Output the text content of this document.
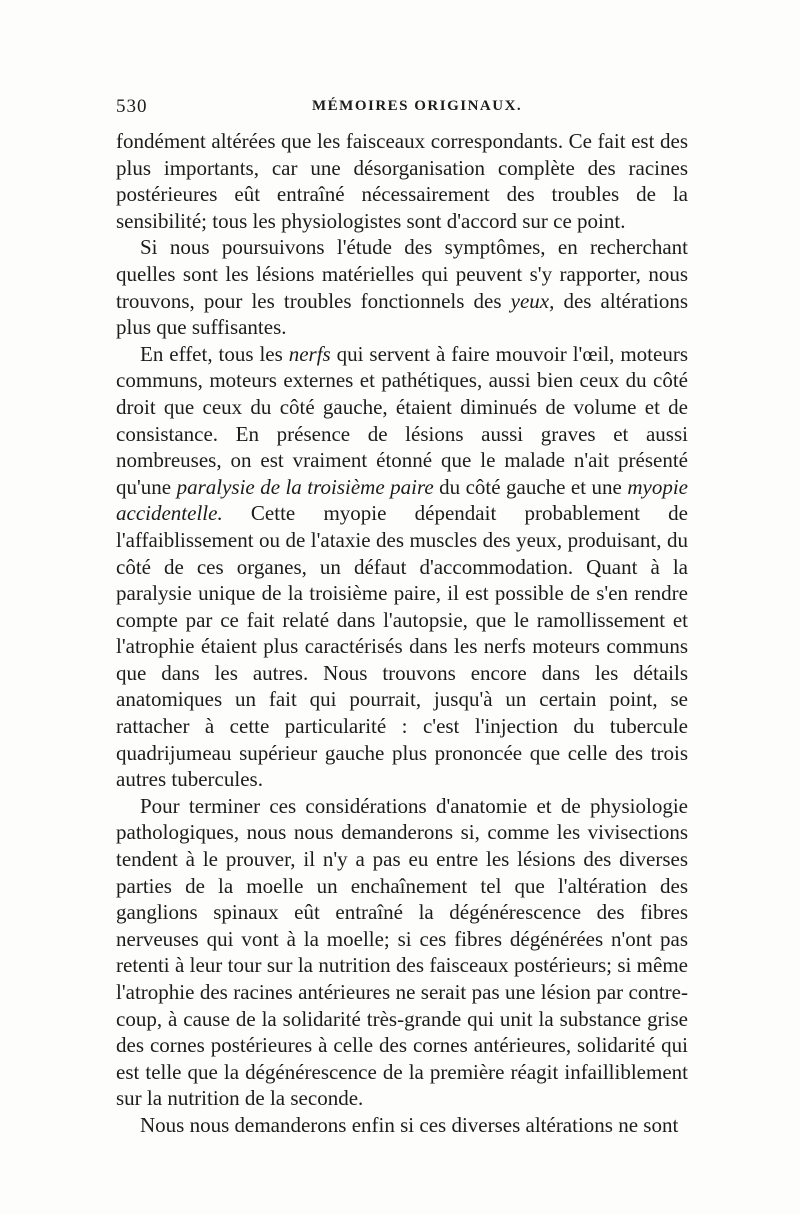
530	MÉMOIRES ORIGINAUX.

fondément altérées que les faisceaux correspondants. Ce fait est des plus importants, car une désorganisation complète des racines postérieures eût entraîné nécessairement des troubles de la sensibilité; tous les physiologistes sont d'accord sur ce point.

Si nous poursuivons l'étude des symptômes, en recherchant quelles sont les lésions matérielles qui peuvent s'y rapporter, nous trouvons, pour les troubles fonctionnels des yeux, des altérations plus que suffisantes.

En effet, tous les nerfs qui servent à faire mouvoir l'œil, moteurs communs, moteurs externes et pathétiques, aussi bien ceux du côté droit que ceux du côté gauche, étaient diminués de volume et de consistance. En présence de lésions aussi graves et aussi nombreuses, on est vraiment étonné que le malade n'ait présenté qu'une paralysie de la troisième paire du côté gauche et une myopie accidentelle. Cette myopie dépendait probablement de l'affaiblissement ou de l'ataxie des muscles des yeux, produisant, du côté de ces organes, un défaut d'accommodation. Quant à la paralysie unique de la troisième paire, il est possible de s'en rendre compte par ce fait relaté dans l'autopsie, que le ramollissement et l'atrophie étaient plus caractérisés dans les nerfs moteurs communs que dans les autres. Nous trouvons encore dans les détails anatomiques un fait qui pourrait, jusqu'à un certain point, se rattacher à cette particularité : c'est l'injection du tubercule quadrijumeau supérieur gauche plus prononcée que celle des trois autres tubercules.

Pour terminer ces considérations d'anatomie et de physiologie pathologiques, nous nous demanderons si, comme les vivisections tendent à le prouver, il n'y a pas eu entre les lésions des diverses parties de la moelle un enchaînement tel que l'altération des ganglions spinaux eût entraîné la dégénérescence des fibres nerveuses qui vont à la moelle; si ces fibres dégénérées n'ont pas retenti à leur tour sur la nutrition des faisceaux postérieurs; si même l'atrophie des racines antérieures ne serait pas une lésion par contre-coup, à cause de la solidarité très-grande qui unit la substance grise des cornes postérieures à celle des cornes antérieures, solidarité qui est telle que la dégénérescence de la première réagit infailliblement sur la nutrition de la seconde.

Nous nous demanderons enfin si ces diverses altérations ne sont
